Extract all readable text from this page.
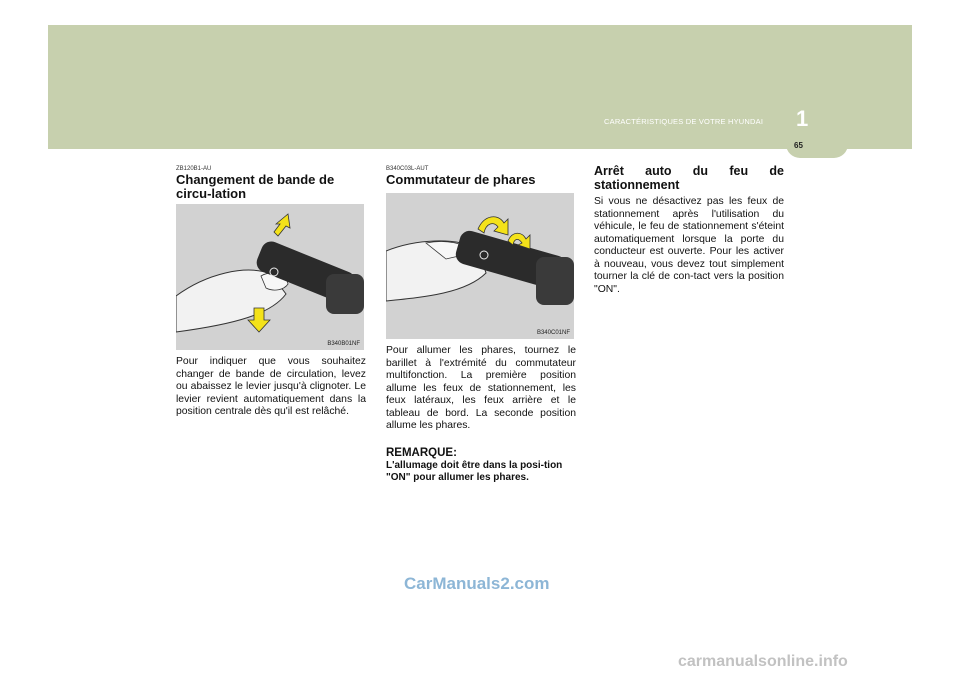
1
CARACTÉRISTIQUES DE VOTRE HYUNDAI
65
ZB120B1-AU
Changement de bande de circu-lation
B340B01NF

Pour indiquer que vous souhaitez changer de bande de circulation, levez ou abaissez le levier jusqu'à clignoter. Le levier revient automatiquement dans la position centrale dès qu'il est relâché.

B340C03L-AUT
Commutateur de phares
B340C01NF

Pour allumer les phares, tournez le barillet à l'extrémité du commutateur multifonction. La première position allume les feux de stationnement, les feux latéraux, les feux arrière et le tableau de bord. La seconde position allume les phares.

REMARQUE:
L'allumage doit être dans la posi-tion "ON" pour allumer les phares.
Arrêt auto du feu de
stationnement

Si vous ne désactivez pas les feux de stationnement après l'utilisation du véhicule, le feu de stationnement s'éteint automatiquement lorsque la porte du conducteur est ouverte. Pour les activer à nouveau, vous devez tout simplement tourner la clé de con-tact vers la position "ON".

CarManuals2.com
carmanualsonline.info
